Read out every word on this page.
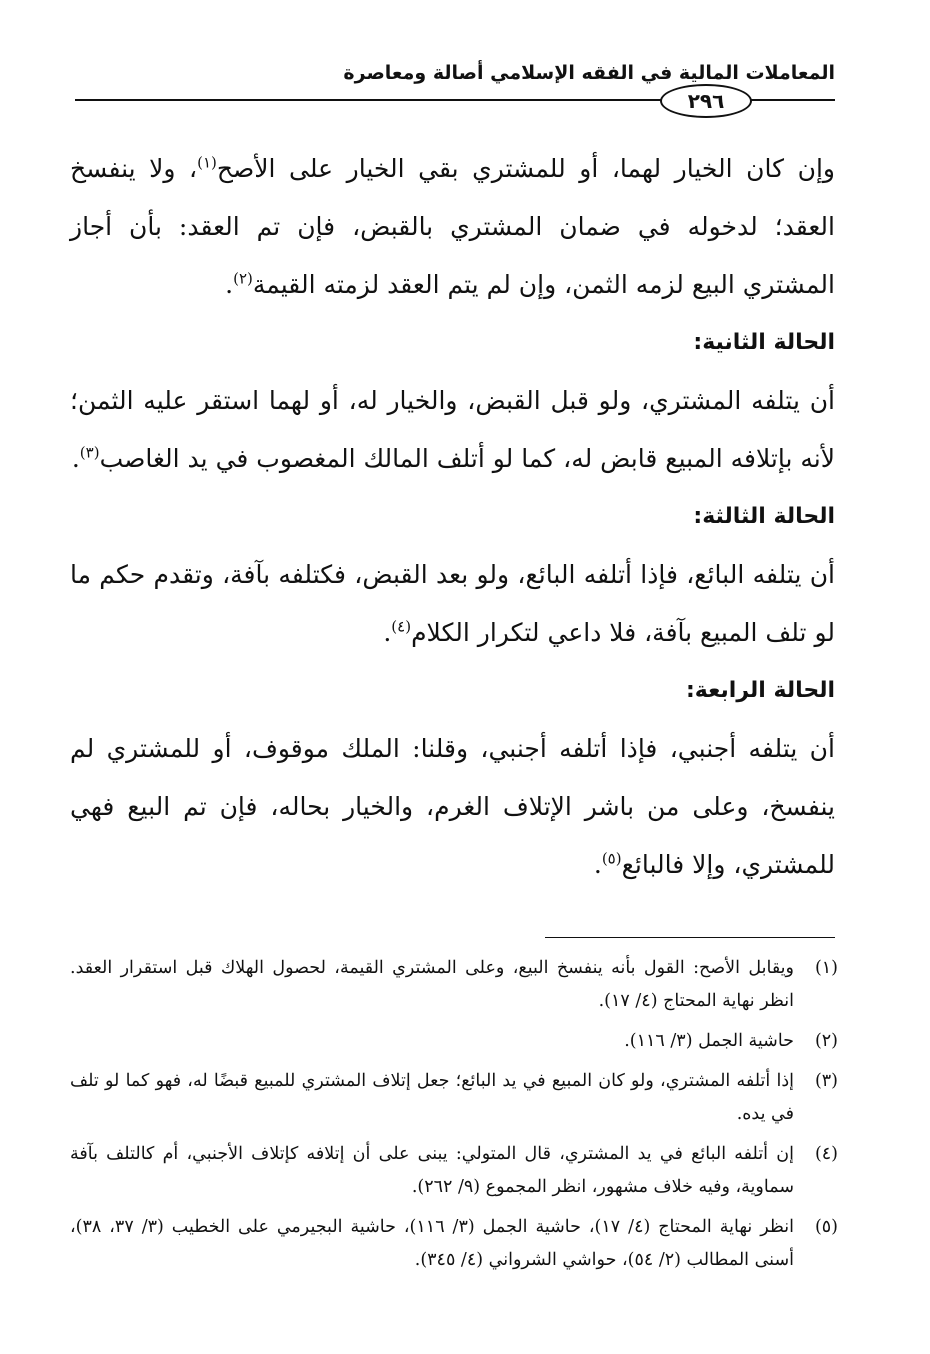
المعاملات المالية في الفقه الإسلامي أصالة ومعاصرة
٢٩٦

وإن كان الخيار لهما، أو للمشتري بقي الخيار على الأصح$^{(١)}$، ولا ينفسخ العقد؛ لدخوله في ضمان المشتري بالقبض، فإن تم العقد: بأن أجاز المشتري البيع لزمه الثمن، وإن لم يتم العقد لزمته القيمة$^{(٢)}$.

الحالة الثانية:

أن يتلفه المشتري، ولو قبل القبض، والخيار له، أو لهما استقر عليه الثمن؛ لأنه بإتلافه المبيع قابض له، كما لو أتلف المالك المغصوب في يد الغاصب$^{(٣)}$.

الحالة الثالثة:

أن يتلفه البائع، فإذا أتلفه البائع، ولو بعد القبض، فكتلفه بآفة، وتقدم حكم ما لو تلف المبيع بآفة، فلا داعي لتكرار الكلام$^{(٤)}$.

الحالة الرابعة:

أن يتلفه أجنبي، فإذا أتلفه أجنبي، وقلنا: الملك موقوف، أو للمشتري لم ينفسخ، وعلى من باشر الإتلاف الغرم، والخيار بحاله، فإن تم البيع فهي للمشتري، وإلا فالبائع$^{(٥)}$.

(١)
ويقابل الأصح: القول بأنه ينفسخ البيع، وعلى المشتري القيمة، لحصول الهلاك قبل استقرار العقد. انظر نهاية المحتاج (٤/ ١٧).
(٢)
حاشية الجمل (٣/ ١١٦).
(٣)
إذا أتلفه المشتري، ولو كان المبيع في يد البائع؛ جعل إتلاف المشتري للمبيع قبضًا له، فهو كما لو تلف في يده.
(٤)
إن أتلفه البائع في يد المشتري، قال المتولي: يبنى على أن إتلافه كإتلاف الأجنبي، أم كالتلف بآفة سماوية، وفيه خلاف مشهور، انظر المجموع (٩/ ٢٦٢).
(٥)
انظر نهاية المحتاج (٤/ ١٧)، حاشية الجمل (٣/ ١١٦)، حاشية البجيرمي على الخطيب (٣/ ٣٧، ٣٨)، أسنى المطالب (٢/ ٥٤)، حواشي الشرواني (٤/ ٣٤٥).
